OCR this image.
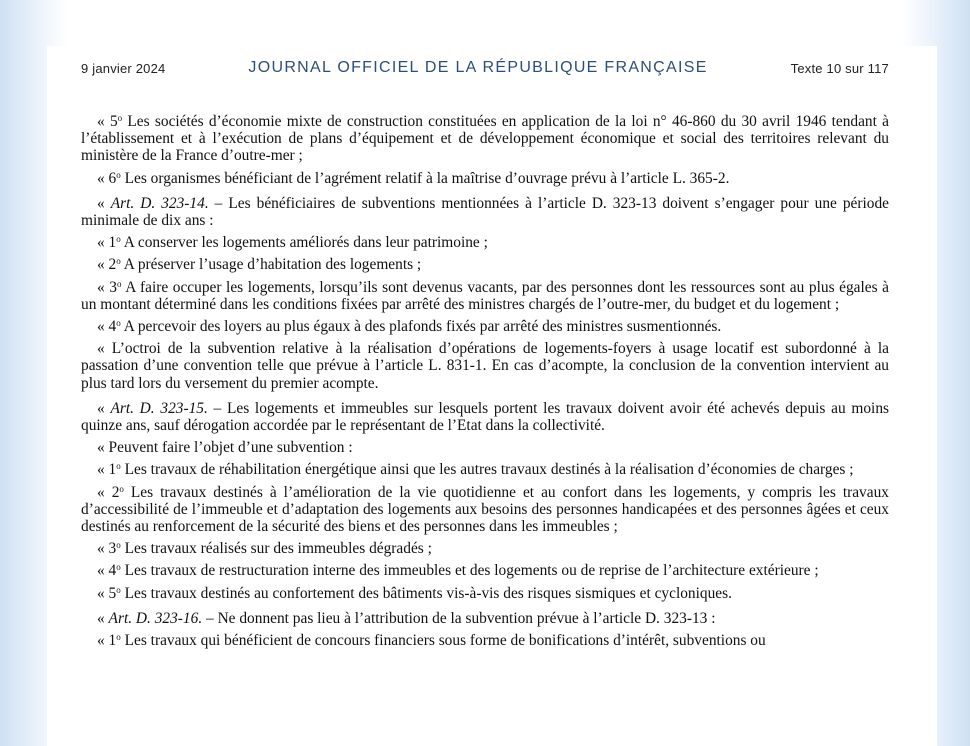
9 janvier 2024	JOURNAL OFFICIEL DE LA RÉPUBLIQUE FRANÇAISE	Texte 10 sur 117

« 5$^o$ Les sociétés d’économie mixte de construction constituées en application de la loi n° 46-860 du 30 avril 1946 tendant à l’établissement et à l’exécution de plans d’équipement et de développement économique et social des territoires relevant du ministère de la France d’outre-mer ;

« 6$^o$ Les organismes bénéficiant de l’agrément relatif à la maîtrise d’ouvrage prévu à l’article L. 365-2.

« Art. D. 323-14. – Les bénéficiaires de subventions mentionnées à l’article D. 323-13 doivent s’engager pour une période minimale de dix ans :

« 1$^o$ A conserver les logements améliorés dans leur patrimoine ;

« 2$^o$ A préserver l’usage d’habitation des logements ;

« 3$^o$ A faire occuper les logements, lorsqu’ils sont devenus vacants, par des personnes dont les ressources sont au plus égales à un montant déterminé dans les conditions fixées par arrêté des ministres chargés de l’outre-mer, du budget et du logement ;

« 4$^o$ A percevoir des loyers au plus égaux à des plafonds fixés par arrêté des ministres susmentionnés.

« L’octroi de la subvention relative à la réalisation d’opérations de logements-foyers à usage locatif est subordonné à la passation d’une convention telle que prévue à l’article L. 831-1. En cas d’acompte, la conclusion de la convention intervient au plus tard lors du versement du premier acompte.

« Art. D. 323-15. – Les logements et immeubles sur lesquels portent les travaux doivent avoir été achevés depuis au moins quinze ans, sauf dérogation accordée par le représentant de l’Etat dans la collectivité.

« Peuvent faire l’objet d’une subvention :

« 1$^o$ Les travaux de réhabilitation énergétique ainsi que les autres travaux destinés à la réalisation d’économies de charges ;

« 2$^o$ Les travaux destinés à l’amélioration de la vie quotidienne et au confort dans les logements, y compris les travaux d’accessibilité de l’immeuble et d’adaptation des logements aux besoins des personnes handicapées et des personnes âgées et ceux destinés au renforcement de la sécurité des biens et des personnes dans les immeubles ;

« 3$^o$ Les travaux réalisés sur des immeubles dégradés ;

« 4$^o$ Les travaux de restructuration interne des immeubles et des logements ou de reprise de l’architecture extérieure ;

« 5$^o$ Les travaux destinés au confortement des bâtiments vis-à-vis des risques sismiques et cycloniques.

« Art. D. 323-16. – Ne donnent pas lieu à l’attribution de la subvention prévue à l’article D. 323-13 :

« 1$^o$ Les travaux qui bénéficient de concours financiers sous forme de bonifications d’intérêt, subventions ou
